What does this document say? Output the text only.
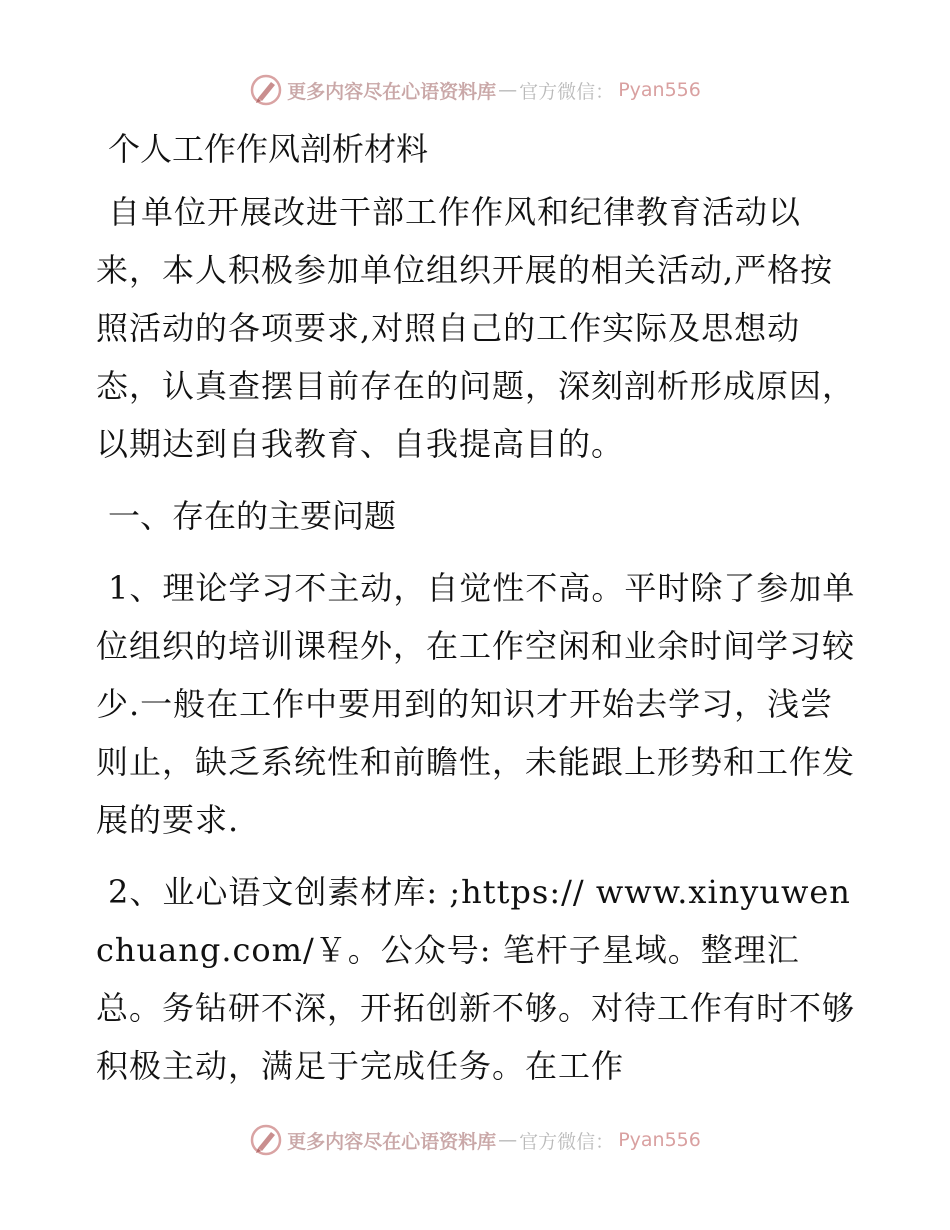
更多内容尽在心语资料库 — 官方微信： Pyan556
个人工作作风剖析材料

自单位开展改进干部工作作风和纪律教育活动以来，本人积极参加单位组织开展的相关活动,严格按照活动的各项要求,对照自己的工作实际及思想动态，认真查摆目前存在的问题，深刻剖析形成原因，以期达到自我教育、自我提高目的。

一、存在的主要问题

1、理论学习不主动，自觉性不高。平时除了参加单位组织的培训课程外，在工作空闲和业余时间学习较少.一般在工作中要用到的知识才开始去学习，浅尝则止，缺乏系统性和前瞻性，未能跟上形势和工作发展的要求.

2、业心语文创素材库: ;https:// www.xinyuwenchuang.com/￥。公众号: 笔杆子星域。整理汇总。务钻研不深，开拓创新不够。对待工作有时不够积极主动，满足于完成任务。在工作

更多内容尽在心语资料库 — 官方微信： Pyan556
